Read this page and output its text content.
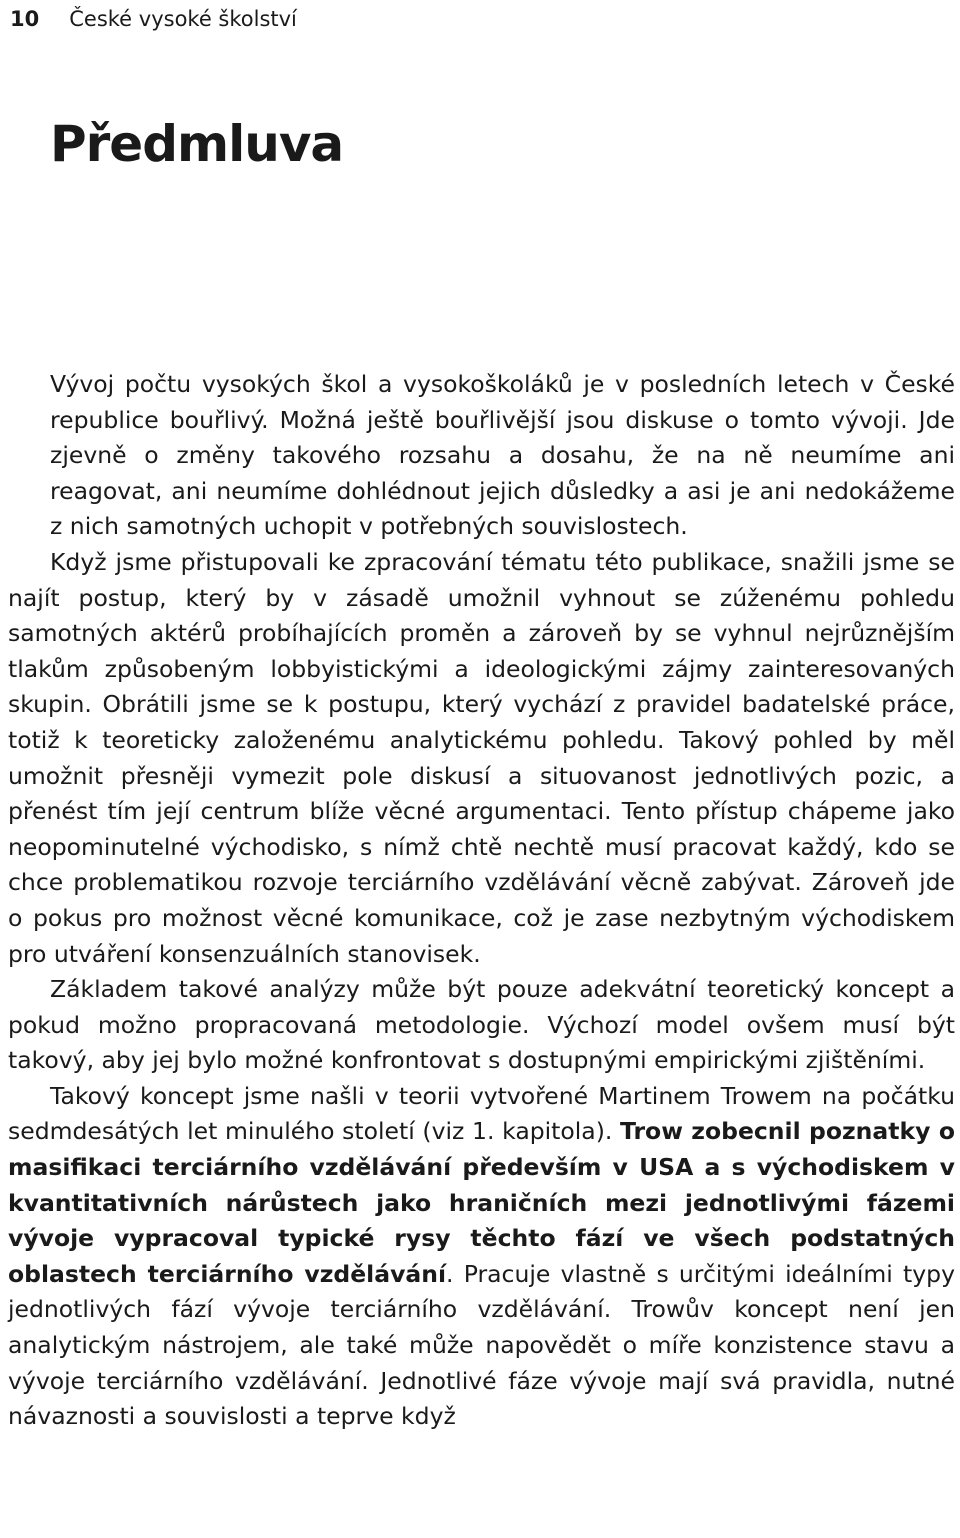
10 České vysoké školství
Předmluva

Vývoj počtu vysokých škol a vysokoškoláků je v posledních letech v České republice bouřlivý. Možná ještě bouřlivější jsou diskuse o tomto vývoji. Jde zjevně o změny takového rozsahu a dosahu, že na ně neumíme ani reagovat, ani neumíme dohlédnout jejich důsledky a asi je ani nedokážeme z nich samotných uchopit v potřebných souvislostech.

Když jsme přistupovali ke zpracování tématu této publikace, snažili jsme se najít postup, který by v zásadě umožnil vyhnout se zúženému pohledu samotných aktérů probíhajících proměn a zároveň by se vyhnul nejrůznějším tlakům způsobeným lobbyistickými a ideologickými zájmy zainteresovaných skupin. Obrátili jsme se k postupu, který vychází z pravidel badatelské práce, totiž k teoreticky založenému analytickému pohledu. Takový pohled by měl umožnit přesněji vymezit pole diskusí a situovanost jednotlivých pozic, a přenést tím její centrum blíže věcné argumentaci. Tento přístup chápeme jako neopominutelné východisko, s nímž chtě nechtě musí pracovat každý, kdo se chce problematikou rozvoje terciárního vzdělávání věcně zabývat. Zároveň jde o pokus pro možnost věcné komunikace, což je zase nezbytným východiskem pro utváření konsenzuálních stanovisek.

Základem takové analýzy může být pouze adekvátní teoretický koncept a pokud možno propracovaná metodologie. Výchozí model ovšem musí být takový, aby jej bylo možné konfrontovat s dostupnými empirickými zjištěními.

Takový koncept jsme našli v teorii vytvořené Martinem Trowem na počátku sedmdesátých let minulého století (viz 1. kapitola). Trow zobecnil poznatky o masifikaci terciárního vzdělávání především v USA a s východiskem v kvantitativních nárůstech jako hraničních mezi jednotlivými fázemi vývoje vypracoval typické rysy těchto fází ve všech podstatných oblastech terciárního vzdělávání. Pracuje vlastně s určitými ideálními typy jednotlivých fází vývoje terciárního vzdělávání. Trowův koncept není jen analytickým nástrojem, ale také může napovědět o míře konzistence stavu a vývoje terciárního vzdělávání. Jednotlivé fáze vývoje mají svá pravidla, nutné návaznosti a souvislosti a teprve když
